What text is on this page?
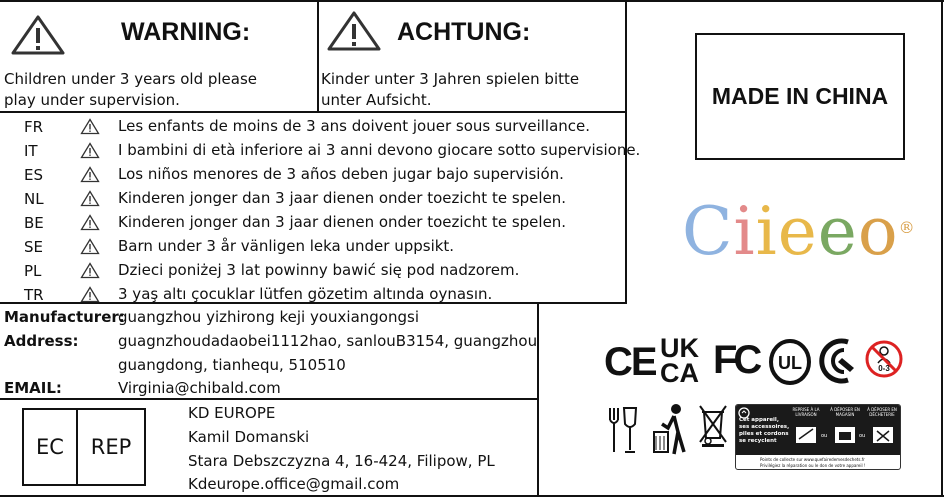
WARNING:
Children under 3 years old please
play under supervision.
ACHTUNG:
Kinder unter 3 Jahren spielen bitte
unter Aufsicht.
FR	Les enfants de moins de 3 ans doivent jouer sous surveillance.
IT	I bambini di età inferiore ai 3 anni devono giocare sotto supervisione.
ES	Los niños menores de 3 años deben jugar bajo supervisión.
NL	Kinderen jonger dan 3 jaar dienen onder toezicht te spelen.
BE	Kinderen jonger dan 3 jaar dienen onder toezicht te spelen.
SE	Barn under 3 år vänligen leka under uppsikt.
PL	Dzieci poniżej 3 lat powinny bawić się pod nadzorem.
TR	3 yaş altı çocuklar lütfen gözetim altında oynasın.
Manufacturer:
guangzhou yizhirong keji youxiangongsi
Address:	guagnzhoudadaobei1112hao, sanlouB3154, guangzhou
guangdong, tianhequ, 510510
EMAIL:	Virginia@chibald.com
EC	REP
KD EUROPE
Kamil Domanski
Stara Debszczyzna 4, 16-424, Filipow, PL
Kdeurope.office@gmail.com
MADE IN CHINA
Ciieeo®
CE UK
CA FC UL	0-3
Cet appareil,
ses accessoires,
piles et cordons
se recyclent
REPRISE À LA LIVRAISON
À DÉPOSER EN MAGASIN
À DÉPOSER EN DÉCHETERIE
ou	ou
Points de collecte sur www.quefairedemesdechets.fr
Privilégiez la réparation ou le don de votre appareil !
